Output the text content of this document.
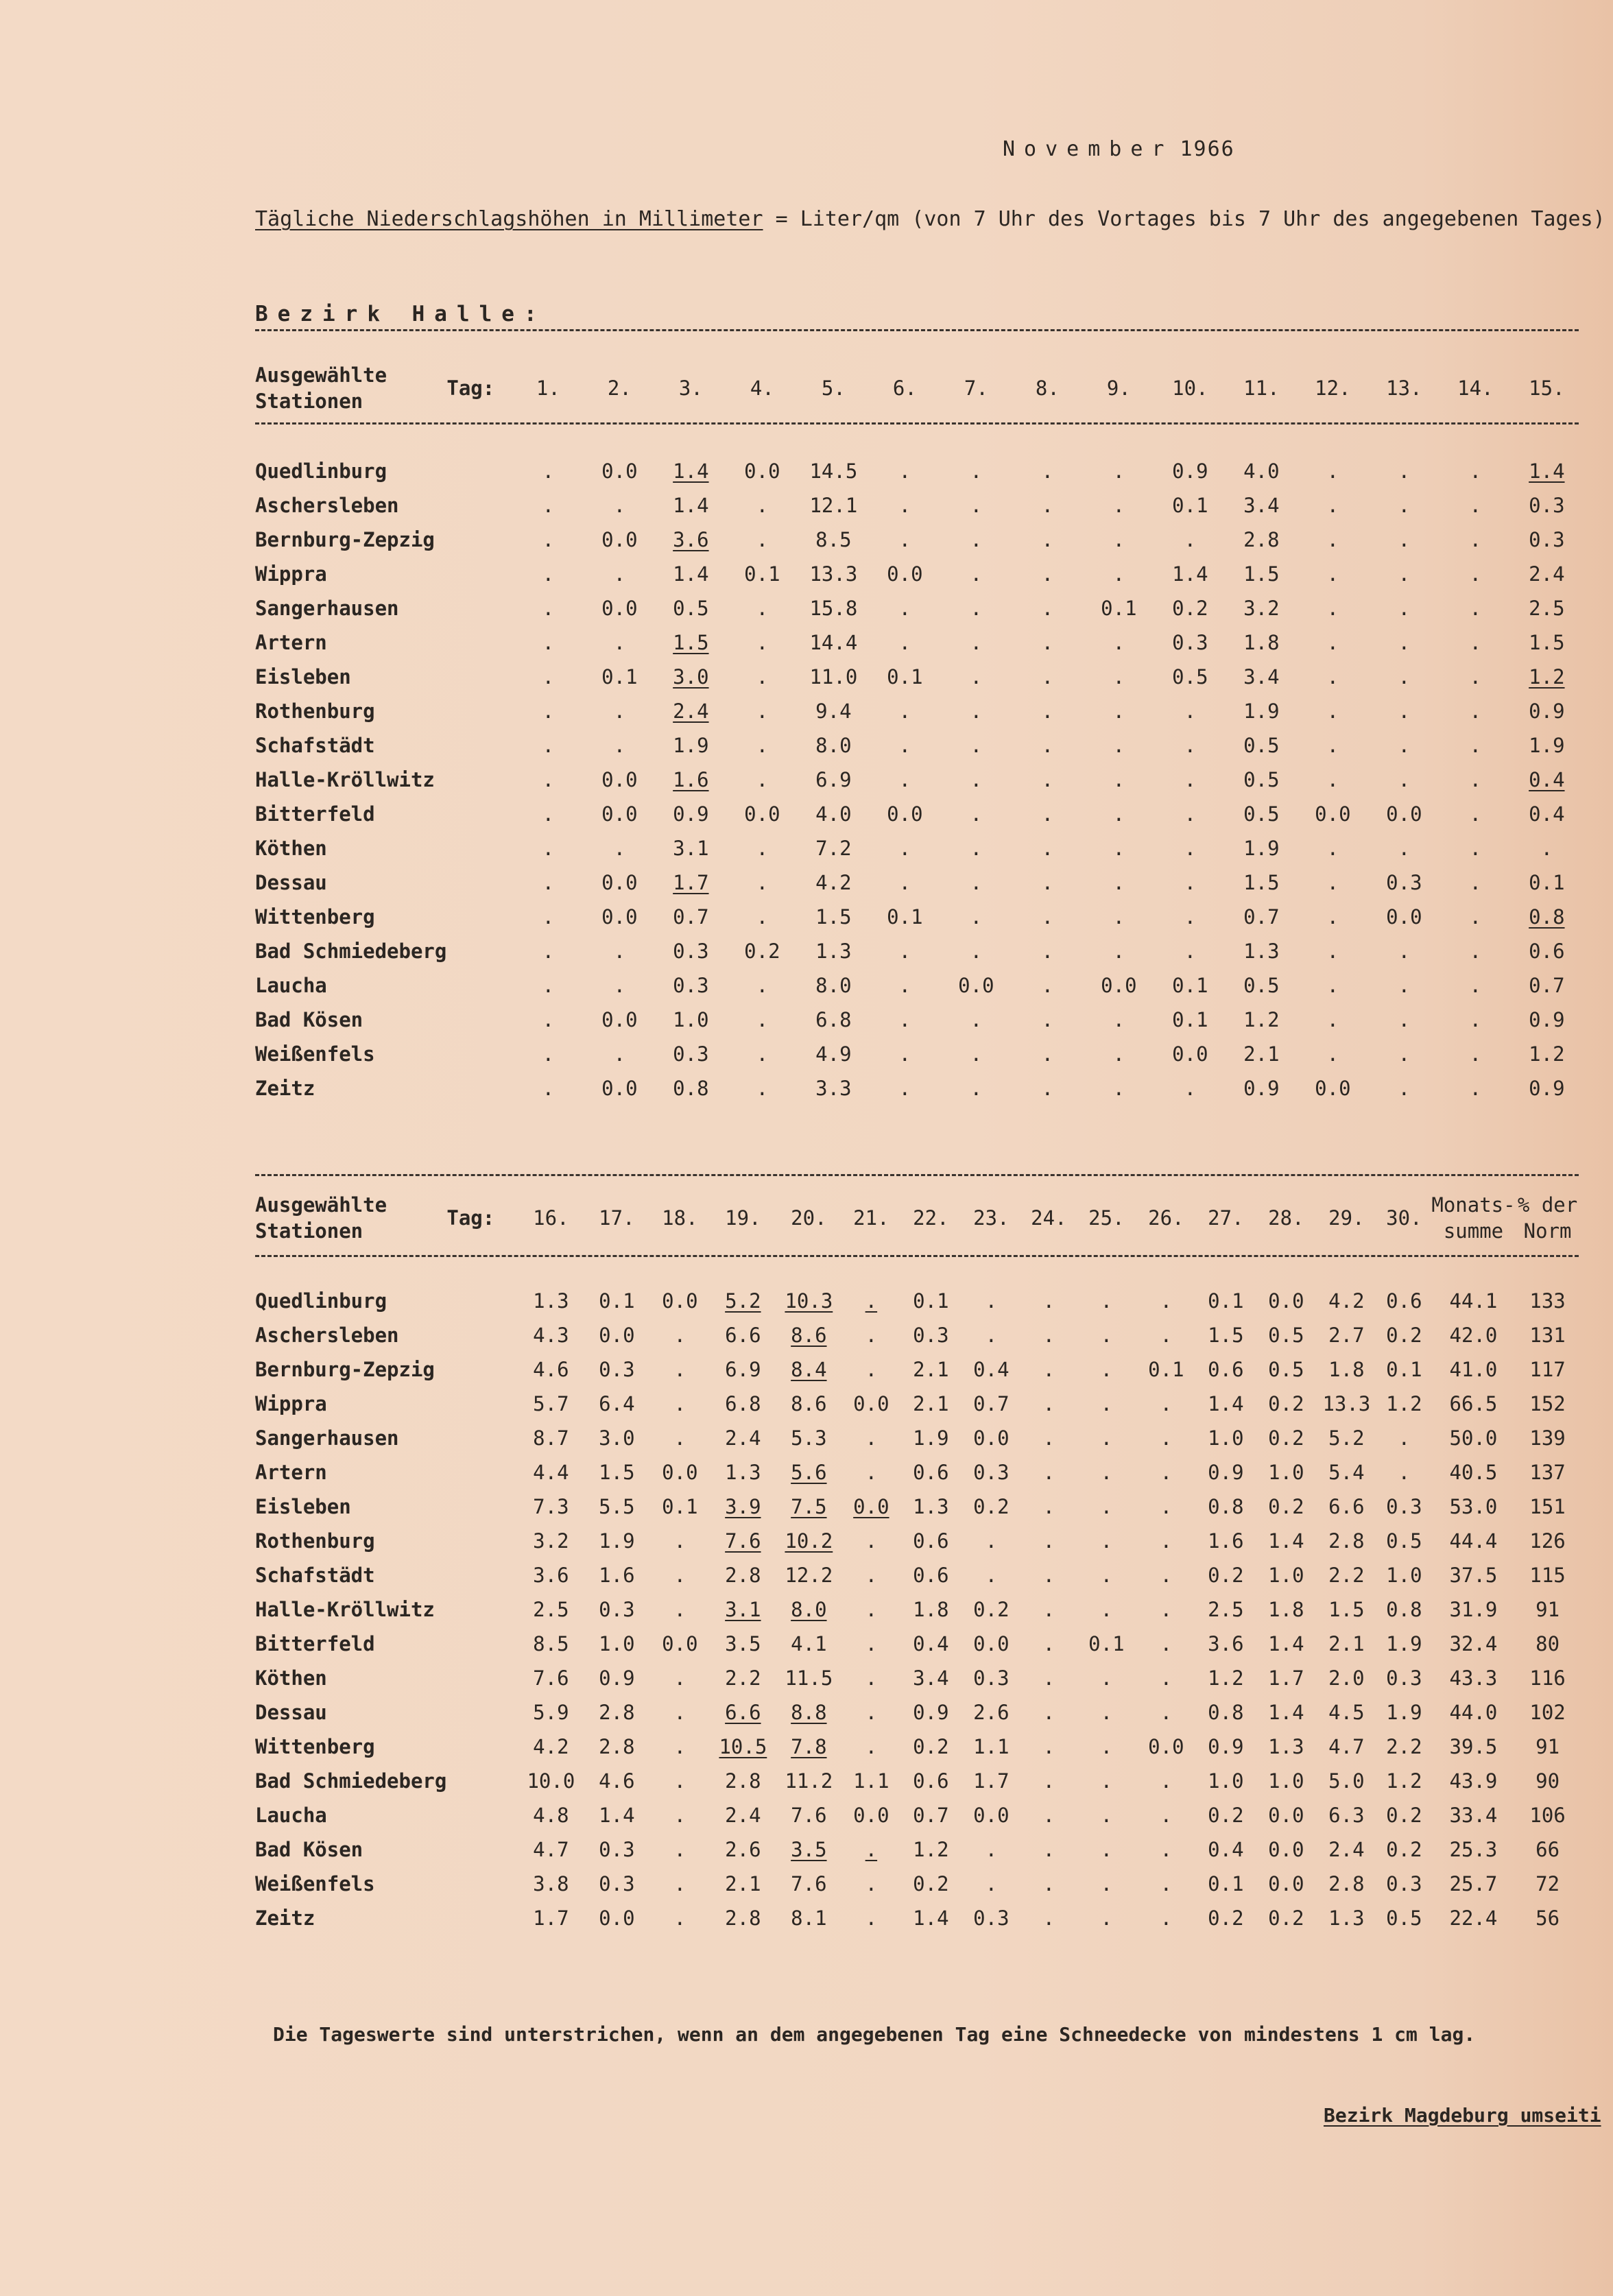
November 1966
Tägliche Niederschlagshöhen in Millimeter = Liter/qm (von 7 Uhr des Vortages bis 7 Uhr des angegebenen Tages)
Bezirk Halle:
Ausgewählte
Stationen	Tag:	1.	2.	3.	4.	5.	6.	7.	8.	9.	10.	11.	12.	13.	14.	15.

Quedlinburg		.	0.0	1.4	0.0	14.5	.	.	.	.	0.9	4.0	.	.	.	1.4
Aschersleben		.	.	1.4	.	12.1	.	.	.	.	0.1	3.4	.	.	.	0.3
Bernburg-Zepzig		.	0.0	3.6	.	8.5	.	.	.	.	.	2.8	.	.	.	0.3
Wippra		.	.	1.4	0.1	13.3	0.0	.	.	.	1.4	1.5	.	.	.	2.4
Sangerhausen		.	0.0	0.5	.	15.8	.	.	.	0.1	0.2	3.2	.	.	.	2.5
Artern		.	.	1.5	.	14.4	.	.	.	.	0.3	1.8	.	.	.	1.5
Eisleben		.	0.1	3.0	.	11.0	0.1	.	.	.	0.5	3.4	.	.	.	1.2
Rothenburg		.	.	2.4	.	9.4	.	.	.	.	.	1.9	.	.	.	0.9
Schafstädt		.	.	1.9	.	8.0	.	.	.	.	.	0.5	.	.	.	1.9
Halle-Kröllwitz		.	0.0	1.6	.	6.9	.	.	.	.	.	0.5	.	.	.	0.4
Bitterfeld		.	0.0	0.9	0.0	4.0	0.0	.	.	.	.	0.5	0.0	0.0	.	0.4
Köthen		.	.	3.1	.	7.2	.	.	.	.	.	1.9	.	.	.	.
Dessau		.	0.0	1.7	.	4.2	.	.	.	.	.	1.5	.	0.3	.	0.1
Wittenberg		.	0.0	0.7	.	1.5	0.1	.	.	.	.	0.7	.	0.0	.	0.8
Bad Schmiedeberg		.	.	0.3	0.2	1.3	.	.	.	.	.	1.3	.	.	.	0.6
Laucha		.	.	0.3	.	8.0	.	0.0	.	0.0	0.1	0.5	.	.	.	0.7
Bad Kösen		.	0.0	1.0	.	6.8	.	.	.	.	0.1	1.2	.	.	.	0.9
Weißenfels		.	.	0.3	.	4.9	.	.	.	.	0.0	2.1	.	.	.	1.2
Zeitz		.	0.0	0.8	.	3.3	.	.	.	.	.	0.9	0.0	.	.	0.9
Ausgewählte
Stationen	Tag:	16.	17.	18.	19.	20.	21.	22.	23.	24.	25.	26.	27.	28.	29.	30.	Monats-
summe	% der
Norm

Quedlinburg		1.3	0.1	0.0	5.2	10.3	.	0.1	.	.	.	.	0.1	0.0	4.2	0.6	44.1	133
Aschersleben		4.3	0.0	.	6.6	8.6	.	0.3	.	.	.	.	1.5	0.5	2.7	0.2	42.0	131
Bernburg-Zepzig		4.6	0.3	.	6.9	8.4	.	2.1	0.4	.	.	0.1	0.6	0.5	1.8	0.1	41.0	117
Wippra		5.7	6.4	.	6.8	8.6	0.0	2.1	0.7	.	.	.	1.4	0.2	13.3	1.2	66.5	152
Sangerhausen		8.7	3.0	.	2.4	5.3	.	1.9	0.0	.	.	.	1.0	0.2	5.2	.	50.0	139
Artern		4.4	1.5	0.0	1.3	5.6	.	0.6	0.3	.	.	.	0.9	1.0	5.4	.	40.5	137
Eisleben		7.3	5.5	0.1	3.9	7.5	0.0	1.3	0.2	.	.	.	0.8	0.2	6.6	0.3	53.0	151
Rothenburg		3.2	1.9	.	7.6	10.2	.	0.6	.	.	.	.	1.6	1.4	2.8	0.5	44.4	126
Schafstädt		3.6	1.6	.	2.8	12.2	.	0.6	.	.	.	.	0.2	1.0	2.2	1.0	37.5	115
Halle-Kröllwitz		2.5	0.3	.	3.1	8.0	.	1.8	0.2	.	.	.	2.5	1.8	1.5	0.8	31.9	91
Bitterfeld		8.5	1.0	0.0	3.5	4.1	.	0.4	0.0	.	0.1	.	3.6	1.4	2.1	1.9	32.4	80
Köthen		7.6	0.9	.	2.2	11.5	.	3.4	0.3	.	.	.	1.2	1.7	2.0	0.3	43.3	116
Dessau		5.9	2.8	.	6.6	8.8	.	0.9	2.6	.	.	.	0.8	1.4	4.5	1.9	44.0	102
Wittenberg		4.2	2.8	.	10.5	7.8	.	0.2	1.1	.	.	0.0	0.9	1.3	4.7	2.2	39.5	91
Bad Schmiedeberg		10.0	4.6	.	2.8	11.2	1.1	0.6	1.7	.	.	.	1.0	1.0	5.0	1.2	43.9	90
Laucha		4.8	1.4	.	2.4	7.6	0.0	0.7	0.0	.	.	.	0.2	0.0	6.3	0.2	33.4	106
Bad Kösen		4.7	0.3	.	2.6	3.5	.	1.2	.	.	.	.	0.4	0.0	2.4	0.2	25.3	66
Weißenfels		3.8	0.3	.	2.1	7.6	.	0.2	.	.	.	.	0.1	0.0	2.8	0.3	25.7	72
Zeitz		1.7	0.0	.	2.8	8.1	.	1.4	0.3	.	.	.	0.2	0.2	1.3	0.5	22.4	56
Die Tageswerte sind unterstrichen, wenn an dem angegebenen Tag eine Schneedecke von mindestens 1 cm lag.
Bezirk Magdeburg umseiti
